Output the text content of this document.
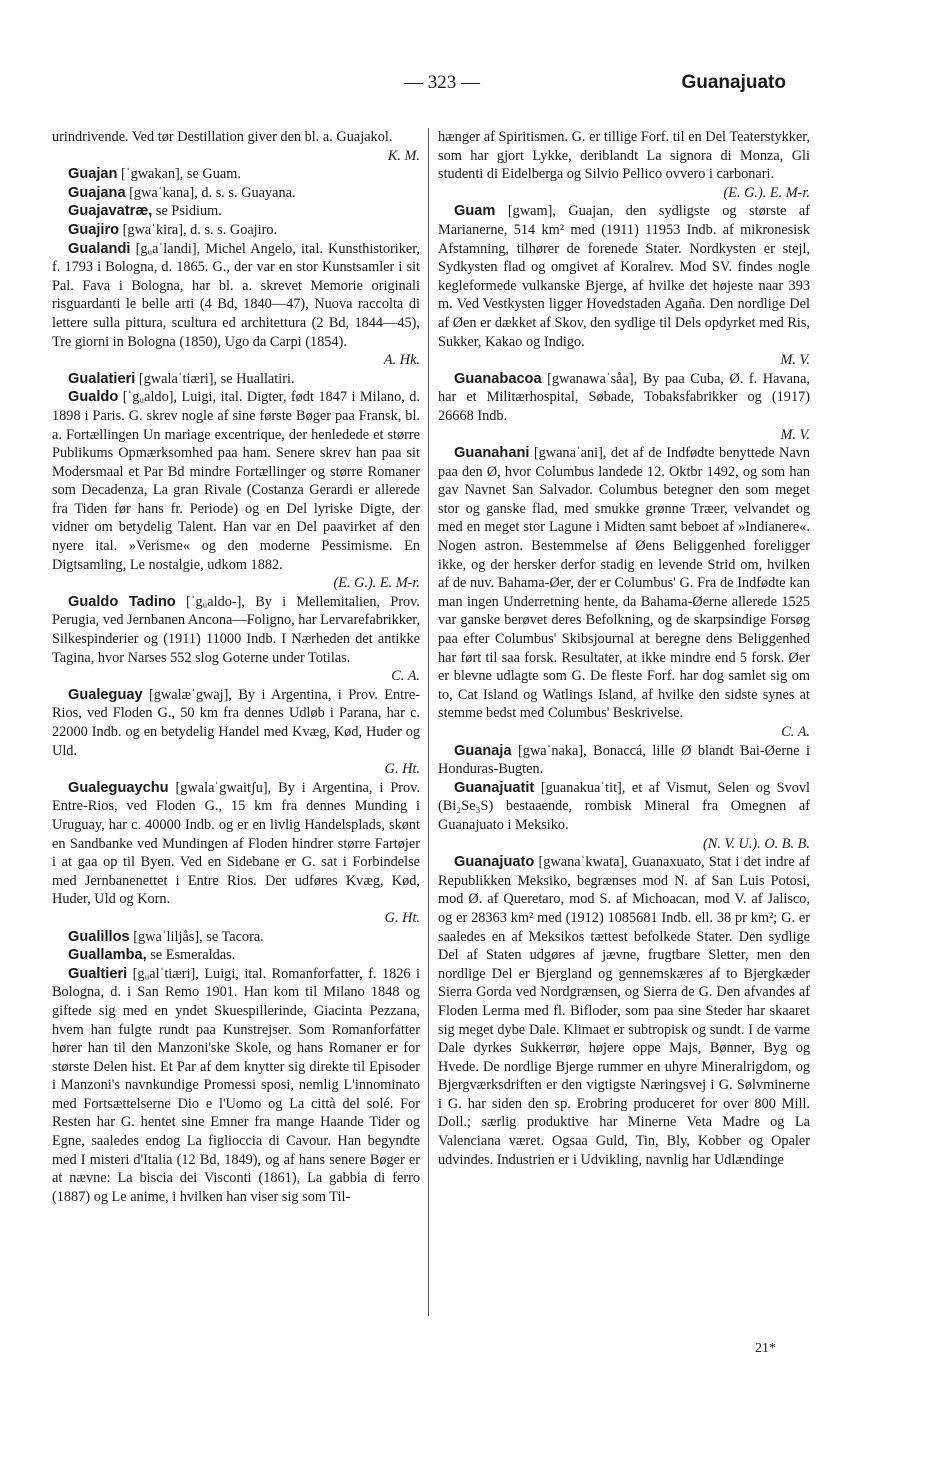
— 323 —	Guanajuato

urindrivende. Ved tør Destillation giver den bl. a. Guajakol.
K. M.

Guajan [ˈgwakan], se Guam.

Guajana [gwaˈkana], d. s. s. Guayana.

Guajavatræ, se Psidium.

Guajiro [gwaˈkira], d. s. s. Goajiro.

Gualandi [gᵤaˈlandi], Michel Angelo, ital. Kunsthistoriker, f. 1793 i Bologna, d. 1865. G., der var en stor Kunstsamler i sit Pal. Fava i Bologna, har bl. a. skrevet Memorie originali risguardanti le belle arti (4 Bd, 1840—47), Nuova raccolta di lettere sulla pittura, scultura ed architettura (2 Bd, 1844—45), Tre giorni in Bologna (1850), Ugo da Carpi (1854).
A. Hk.

Gualatieri [gwalaˈtiæri], se Huallatiri.

Gualdo [ˈgᵤaldo], Luigi, ital. Digter, født 1847 i Milano, d. 1898 i Paris. G. skrev nogle af sine første Bøger paa Fransk, bl. a. Fortællingen Un mariage excentrique, der henledede et større Publikums Opmærksomhed paa ham. Senere skrev han paa sit Modersmaal et Par Bd mindre Fortællinger og større Romaner som Decadenza, La gran Rivale (Costanza Gerardi er allerede fra Tiden før hans fr. Periode) og en Del lyriske Digte, der vidner om betydelig Talent. Han var en Del paavirket af den nyere ital. »Verisme« og den moderne Pessimisme. En Digtsamling, Le nostalgie, udkom 1882.
(E. G.). E. M-r.

Gualdo Tadino [ˈgᵤaldo-], By i Mellemitalien, Prov. Perugia, ved Jernbanen Ancona—Foligno, har Lervarefabrikker, Silkespinderier og (1911) 11000 Indb. I Nærheden det antikke Tagina, hvor Narses 552 slog Goterne under Totilas.
C. A.

Gualeguay [gwalæˈgwaj], By i Argentina, i Prov. Entre-Rios, ved Floden G., 50 km fra dennes Udløb i Parana, har c. 22000 Indb. og en betydelig Handel med Kvæg, Kød, Huder og Uld.
G. Ht.

Gualeguaychu [gwalaˈgwaitʃu], By i Argentina, i Prov. Entre-Rios, ved Floden G., 15 km fra dennes Munding i Uruguay, har c. 40000 Indb. og er en livlig Handelsplads, skønt en Sandbanke ved Mundingen af Floden hindrer større Fartøjer i at gaa op til Byen. Ved en Sidebane er G. sat i Forbindelse med Jernbanenettet i Entre Rios. Der udføres Kvæg, Kød, Huder, Uld og Korn.
G. Ht.

Gualillos [gwaˈliljås], se Tacora.

Guallamba, se Esmeraldas.

Gualtieri [gᵤalˈtiæri], Luigi, ital. Romanforfatter, f. 1826 i Bologna, d. i San Remo 1901. Han kom til Milano 1848 og giftede sig med en yndet Skuespillerinde, Giacinta Pezzana, hvem han fulgte rundt paa Kunstrejser. Som Romanforfatter hører han til den Manzoni'ske Skole, og hans Romaner er for største Delen hist. Et Par af dem knytter sig direkte til Episoder i Manzoni's navnkundige Promessi sposi, nemlig L'innominato med Fortsættelserne Dio e l'Uomo og La città del solé. For Resten har G. hentet sine Emner fra mange Haande Tider og Egne, saaledes endog La figlioccia di Cavour. Han begyndte med I misteri d'Italia (12 Bd, 1849), og af hans senere Bøger er at nævne: La biscia dei Visconti (1861), La gabbia di ferro (1887) og Le anime, i hvilken han viser sig som Til-

hænger af Spiritismen. G. er tillige Forf. til en Del Teaterstykker, som har gjort Lykke, deriblandt La signora di Monza, Gli studenti di Eidelberga og Silvio Pellico ovvero i carbonari.
(E. G.). E. M-r.

Guam [gwam], Guajan, den sydligste og største af Marianerne, 514 km² med (1911) 11953 Indb. af mikronesisk Afstamning, tilhører de forenede Stater. Nordkysten er stejl, Sydkysten flad og omgivet af Koralrev. Mod SV. findes nogle kegleformede vulkanske Bjerge, af hvilke det højeste naar 393 m. Ved Vestkysten ligger Hovedstaden Agaña. Den nordlige Del af Øen er dækket af Skov, den sydlige til Dels opdyrket med Ris, Sukker, Kakao og Indigo.
M. V.

Guanabacoa [gwanawaˈsåa], By paa Cuba, Ø. f. Havana, har et Militærhospital, Søbade, Tobaksfabrikker og (1917) 26668 Indb.
M. V.

Guanahani [gwanaˈani], det af de Indfødte benyttede Navn paa den Ø, hvor Columbus landede 12. Oktbr 1492, og som han gav Navnet San Salvador. Columbus betegner den som meget stor og ganske flad, med smukke grønne Træer, velvandet og med en meget stor Lagune i Midten samt beboet af »Indianere«. Nogen astron. Bestemmelse af Øens Beliggenhed foreligger ikke, og der hersker derfor stadig en levende Strid om, hvilken af de nuv. Bahama-Øer, der er Columbus' G. Fra de Indfødte kan man ingen Underretning hente, da Bahama-Øerne allerede 1525 var ganske berøvet deres Befolkning, og de skarpsindige Forsøg paa efter Columbus' Skibsjournal at beregne dens Beliggenhed har ført til saa forsk. Resultater, at ikke mindre end 5 forsk. Øer er blevne udlagte som G. De fleste Forf. har dog samlet sig om to, Cat Island og Watlings Island, af hvilke den sidste synes at stemme bedst med Columbus' Beskrivelse.
C. A.

Guanaja [gwaˈnaka], Bonaccá, lille Ø blandt Bai-Øerne i Honduras-Bugten.

Guanajuatit [guanakuaˈtit], et af Vismut, Selen og Svovl (Bi₂Se₃S) bestaaende, rombisk Mineral fra Omegnen af Guanajuato i Meksiko.
(N. V. U.). O. B. B.

Guanajuato [gwanaˈkwata], Guanaxuato, Stat i det indre af Republikken Meksiko, begrænses mod N. af San Luis Potosi, mod Ø. af Queretaro, mod S. af Michoacan, mod V. af Jalisco, og er 28363 km² med (1912) 1085681 Indb. ell. 38 pr km²; G. er saaledes en af Meksikos tættest befolkede Stater. Den sydlige Del af Staten udgøres af jævne, frugtbare Sletter, men den nordlige Del er Bjergland og gennemskæres af to Bjergkæder Sierra Gorda ved Nordgrænsen, og Sierra de G. Den afvandes af Floden Lerma med fl. Bifloder, som paa sine Steder har skaaret sig meget dybe Dale. Klimaet er subtropisk og sundt. I de varme Dale dyrkes Sukkerrør, højere oppe Majs, Bønner, Byg og Hvede. De nordlige Bjerge rummer en uhyre Mineralrigdom, og Bjergværksdriften er den vigtigste Næringsvej i G. Sølvminerne i G. har siden den sp. Erobring produceret for over 800 Mill. Doll.; særlig produktive har Minerne Veta Madre og La Valenciana været. Ogsaa Guld, Tin, Bly, Kobber og Opaler udvindes. Industrien er i Udvikling, navnlig har Udlændinge

21*
